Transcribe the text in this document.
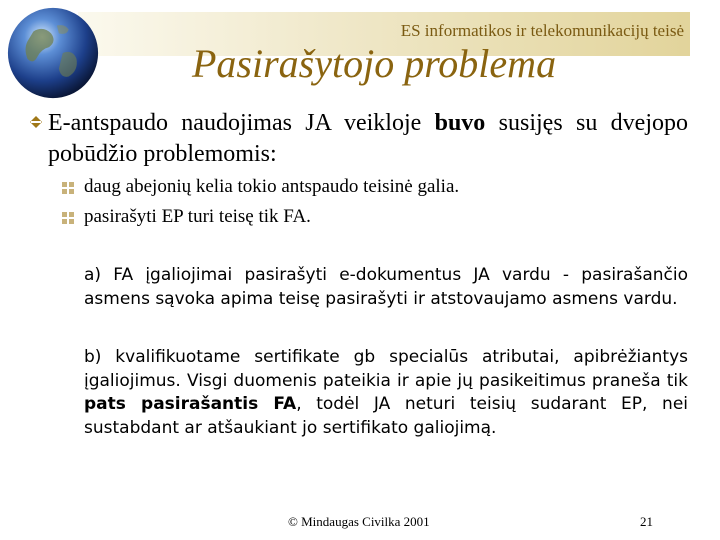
ES informatikos ir telekomunikacijų teisė
Pasirašytojo problema
E-antspaudo naudojimas JA veikloje buvo susijęs su dvejopo pobūdžio problemomis:
daug abejonių kelia tokio antspaudo teisinė galia.
pasirašyti EP turi teisę tik FA.
a) FA įgaliojimai pasirašyti e-dokumentus JA vardu - pasirašančio asmens sąvoka apima teisę pasirašyti ir atstovaujamo asmens vardu.
b) kvalifikuotame sertifikate gb specialūs atributai, apibrėžiantys įgaliojimus. Visgi duomenis pateikia ir apie jų pasikeitimus praneša tik pats pasirašantis FA, todėl JA neturi teisių sudarant EP, nei sustabdant ar atšaukiant jo sertifikato galiojimą.
© Mindaugas Civilka 2001	21
